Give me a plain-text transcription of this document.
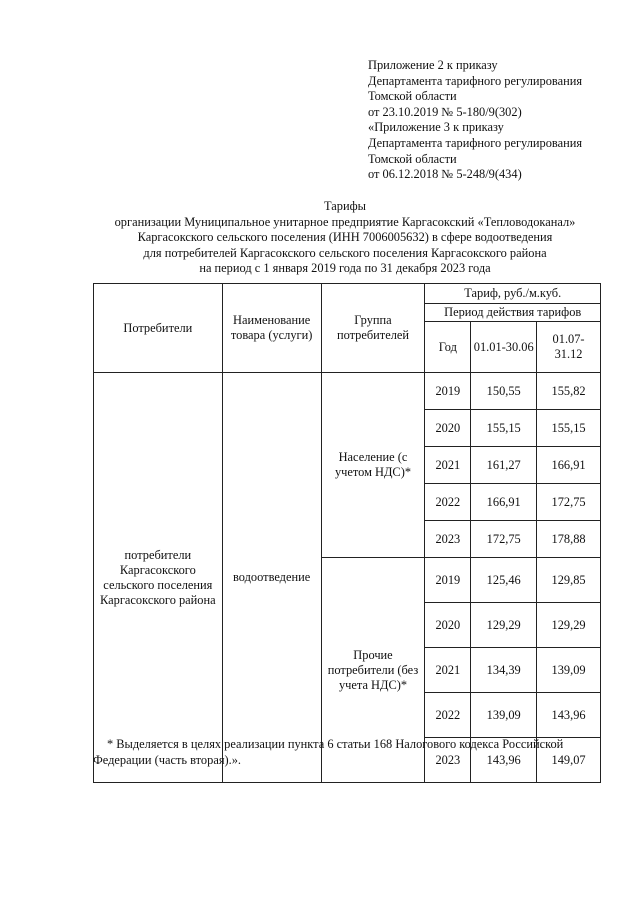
Приложение 2 к приказу
Департамента тарифного регулирования
Томской области
от 23.10.2019 № 5-180/9(302)
«Приложение 3 к приказу
Департамента тарифного регулирования
Томской области
от 06.12.2018 № 5-248/9(434)
Тарифы
организации Муниципальное унитарное предприятие Каргасокский «Тепловодоканал»
Каргасокского сельского поселения (ИНН 7006005632) в сфере водоотведения
для потребителей Каргасокского сельского поселения Каргасокского района
на период с 1 января 2019 года по 31 декабря 2023 года
Потребители	Наименование товара (услуги)	Группа потребителей	Тариф, руб./м.куб.		
			Период действия тарифов		
			Год	01.01-30.06	01.07-31.12
потребители Каргасокского сельского поселения Каргасокского района	водоотведение	Население (с учетом НДС)*	2019	150,55	155,82
			2020	155,15	155,15
			2021	161,27	166,91
			2022	166,91	172,75
			2023	172,75	178,88
		Прочие потребители (без учета НДС)*	2019	125,46	129,85
			2020	129,29	129,29
			2021	134,39	139,09
			2022	139,09	143,96
			2023	143,96	149,07

* Выделяется в целях реализации пункта 6 статьи 168 Налогового кодекса Российской Федерации (часть вторая).».
